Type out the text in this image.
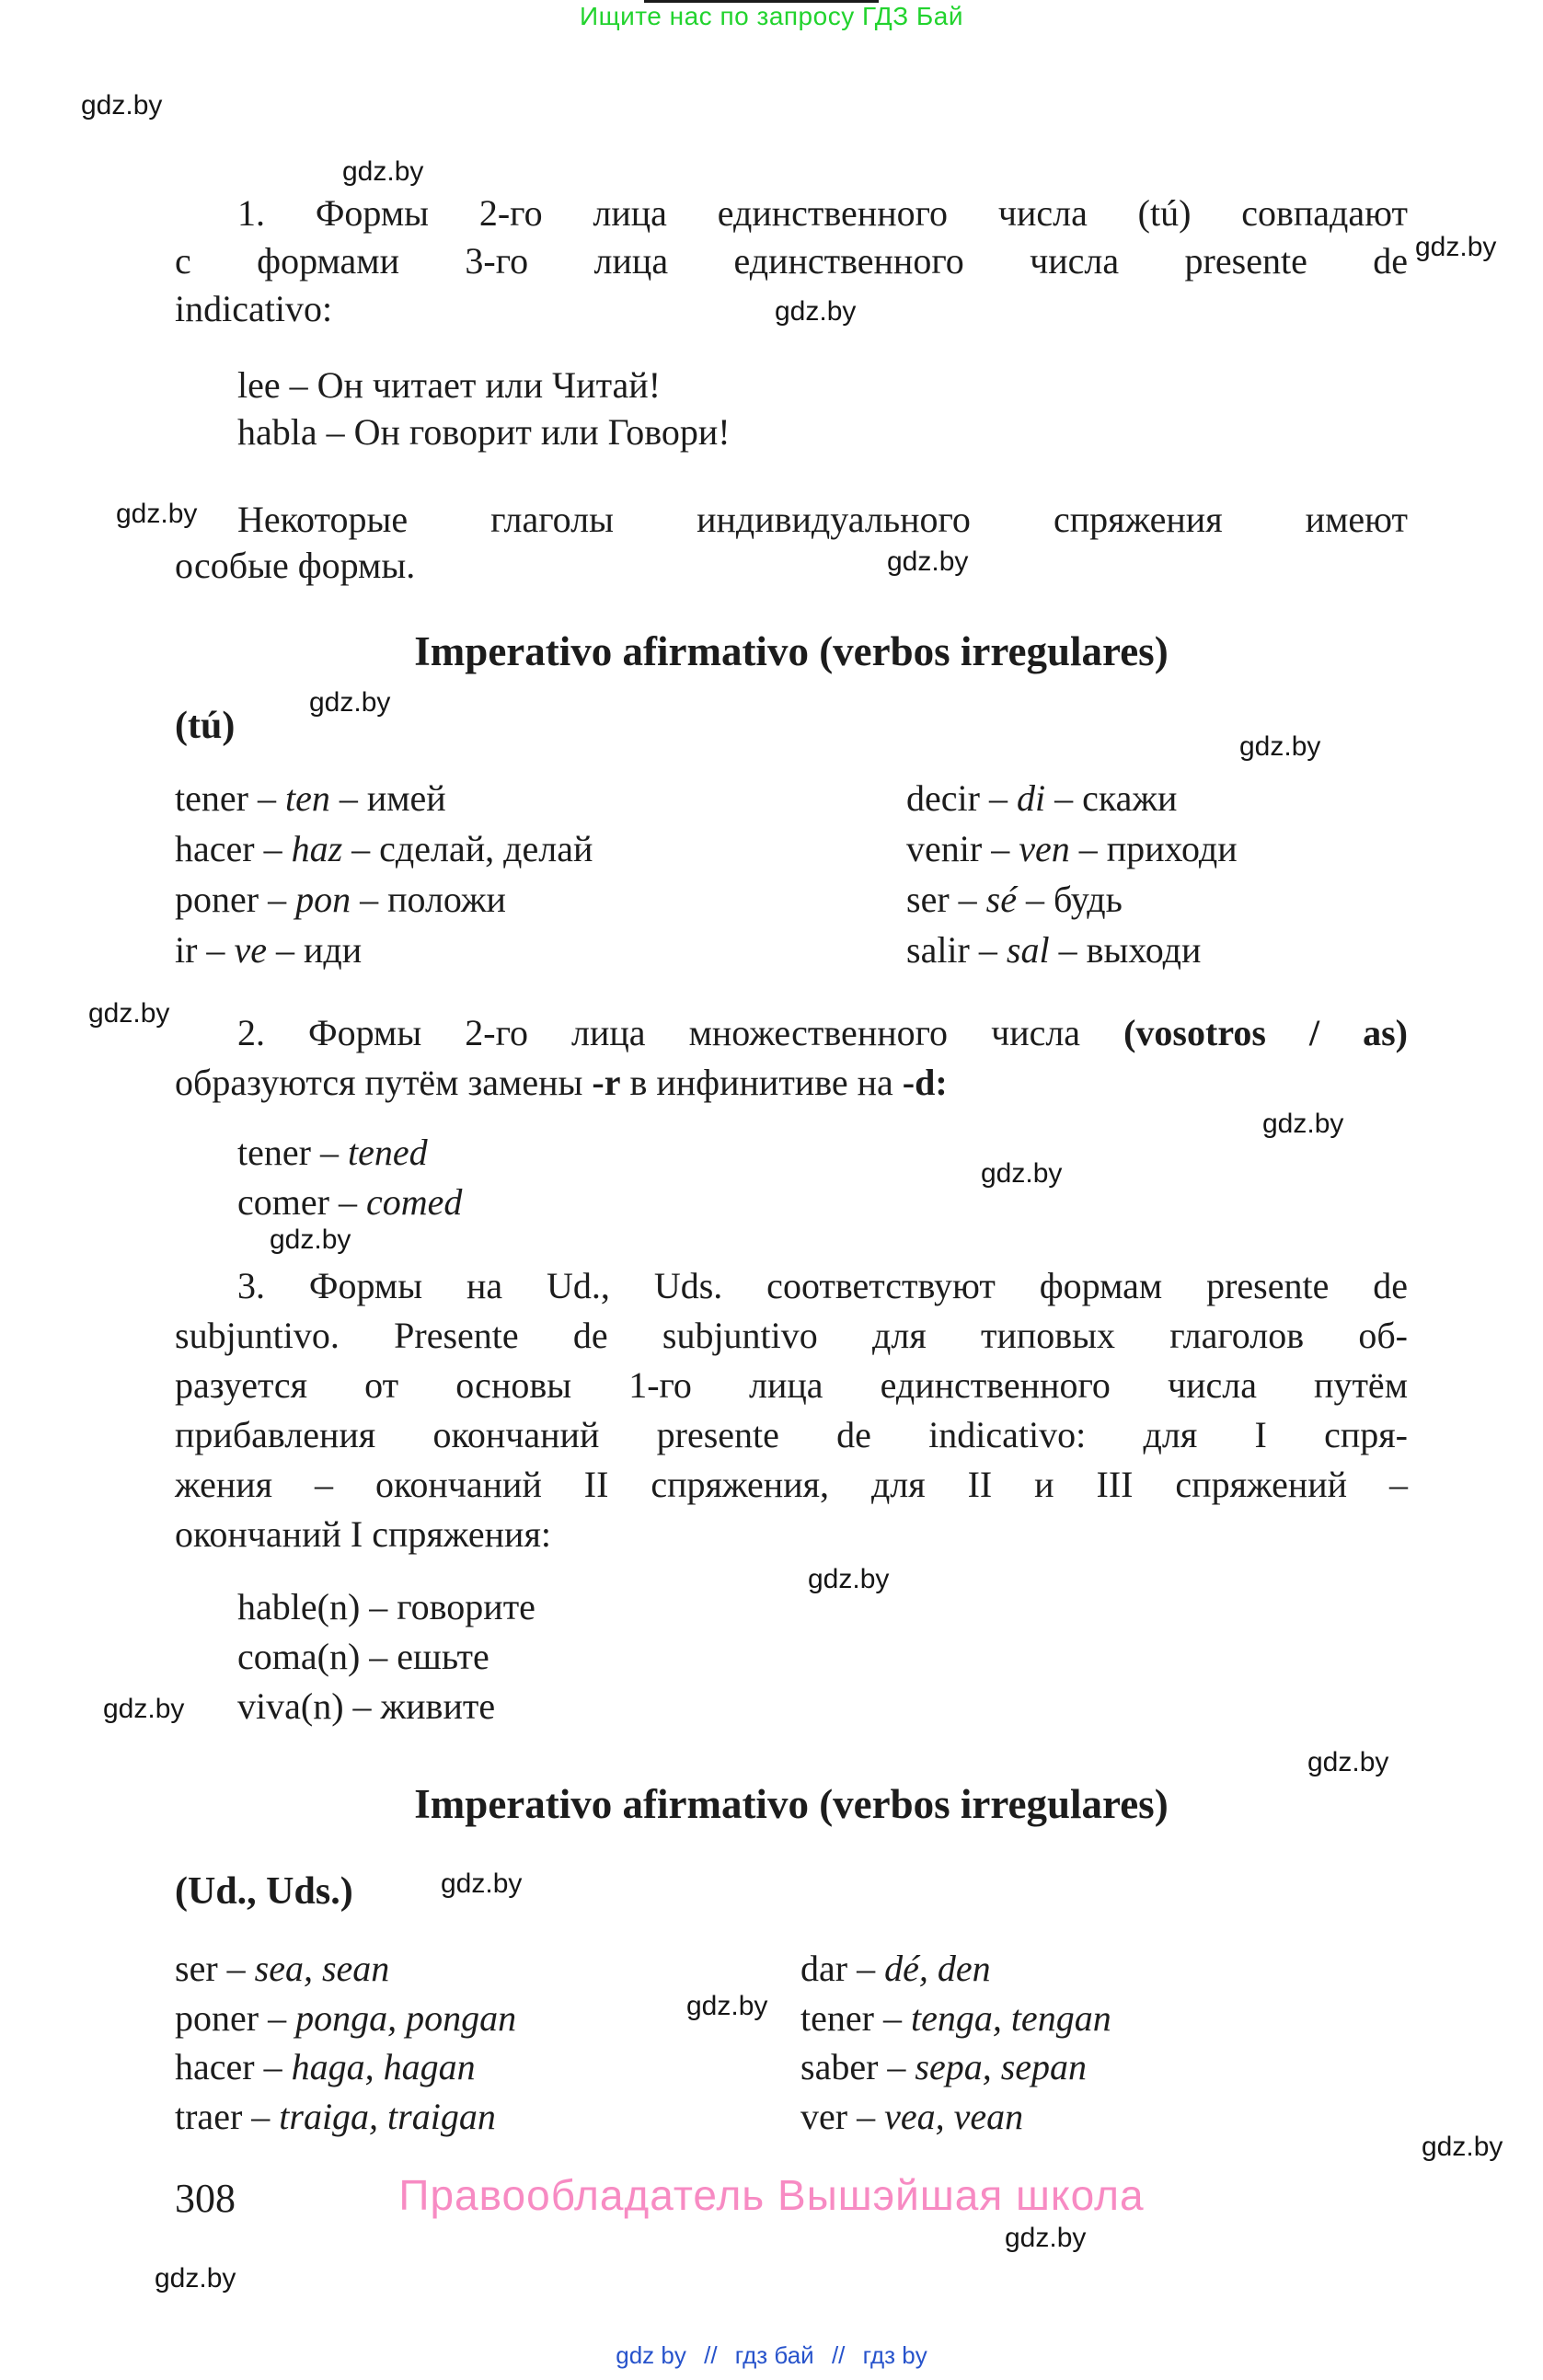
Ищите нас по запросу ГДЗ Бай
gdz.by
gdz.by
gdz.by
gdz.by
gdz.by
gdz.by
gdz.by
gdz.by
gdz.by
gdz.by
gdz.by
gdz.by
gdz.by
gdz.by
gdz.by
gdz.by
gdz.by
gdz.by
gdz.by
gdz.by
1. Формы 2-го лица единственного числа (tú) совпадают
с формами 3-го лица единственного числа presente de
indicativo:
lee – Он читает или Читай!
habla – Он говорит или Говори!
Некоторые глаголы индивидуального спряжения имеют
особые формы.
Imperativo afirmativo (verbos irregulares)
(tú)
tener – ten – имей	decir – di – скажи
hacer – haz – сделай, делай	venir – ven – приходи
poner – pon – положи	ser – sé – будь
ir – ve – иди	salir – sal – выходи
2. Формы 2-го лица множественного числа (vosotros / as)
образуются путём замены -r в инфинитиве на -d:
tener – tened
comer – comed
3. Формы на Ud., Uds. соответствуют формам presente de
subjuntivo. Presente de subjuntivo для типовых глаголов об-
разуется от основы 1-го лица единственного числа путём
прибавления окончаний presente de indicativo: для I спря-
жения – окончаний II спряжения, для II и III спряжений –
окончаний I спряжения:
hable(n) – говорите
coma(n) – ешьте
viva(n) – живите
Imperativo afirmativo (verbos irregulares)
(Ud., Uds.)
ser – sea, sean	dar – dé, den
poner – ponga, pongan	tener – tenga, tengan
hacer – haga, hagan	saber – sepa, sepan
traer – traiga, traigan	ver – vea, vean
308	Правообладатель Вышэйшая школа
gdz by // гдз бай // гдз by
